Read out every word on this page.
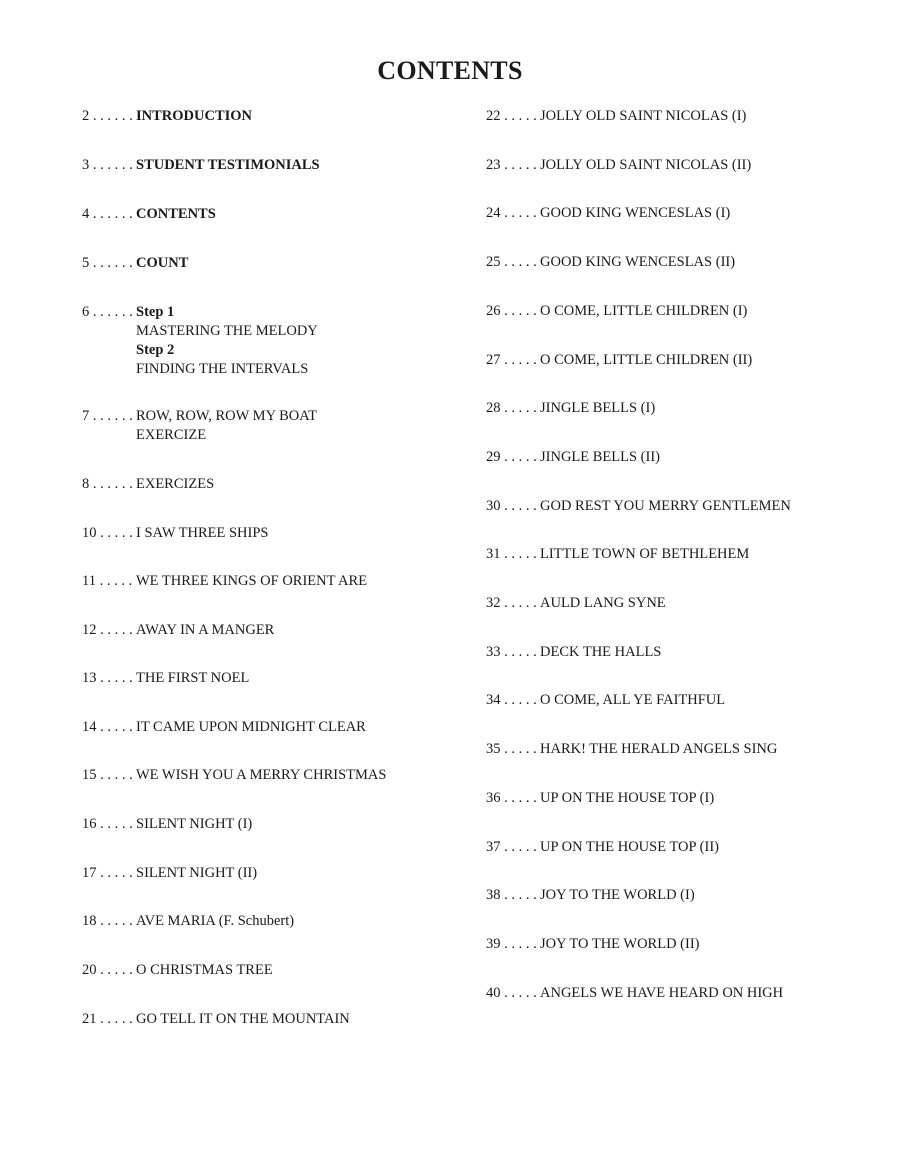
CONTENTS
2 . . . . . . INTRODUCTION
3 . . . . . . STUDENT TESTIMONIALS
4 . . . . . . CONTENTS
5 . . . . . . COUNT
6 . . . . . . Step 1
MASTERING THE MELODY
Step 2
FINDING THE INTERVALS
7 . . . . . . ROW, ROW, ROW MY BOAT
EXERCIZE
8 . . . . . . EXERCIZES
10 . . . . . I SAW THREE SHIPS
11 . . . . . WE THREE KINGS OF ORIENT ARE
12 . . . . . AWAY IN A MANGER
13 . . . . . THE FIRST NOEL
14 . . . . . IT CAME UPON MIDNIGHT CLEAR
15 . . . . . WE WISH YOU A MERRY CHRISTMAS
16 . . . . . SILENT NIGHT (I)
17 . . . . . SILENT NIGHT (II)
18 . . . . . AVE MARIA (F. Schubert)
20 . . . . . O CHRISTMAS TREE
21 . . . . . GO TELL IT ON THE MOUNTAIN
22 . . . . . JOLLY OLD SAINT NICOLAS (I)
23 . . . . . JOLLY OLD SAINT NICOLAS (II)
24 . . . . . GOOD KING WENCESLAS (I)
25 . . . . . GOOD KING WENCESLAS (II)
26 . . . . . O COME, LITTLE CHILDREN (I)
27 . . . . . O COME, LITTLE CHILDREN (II)
28 . . . . . JINGLE BELLS (I)
29 . . . . . JINGLE BELLS (II)
30 . . . . . GOD REST YOU MERRY GENTLEMEN
31 . . . . . LITTLE TOWN OF BETHLEHEM
32 . . . . . AULD LANG SYNE
33 . . . . . DECK THE HALLS
34 . . . . . O COME, ALL YE FAITHFUL
35 . . . . . HARK! THE HERALD ANGELS SING
36 . . . . . UP ON THE HOUSE TOP (I)
37 . . . . . UP ON THE HOUSE TOP (II)
38 . . . . . JOY TO THE WORLD (I)
39 . . . . . JOY TO THE WORLD (II)
40 . . . . . ANGELS WE HAVE HEARD ON HIGH
